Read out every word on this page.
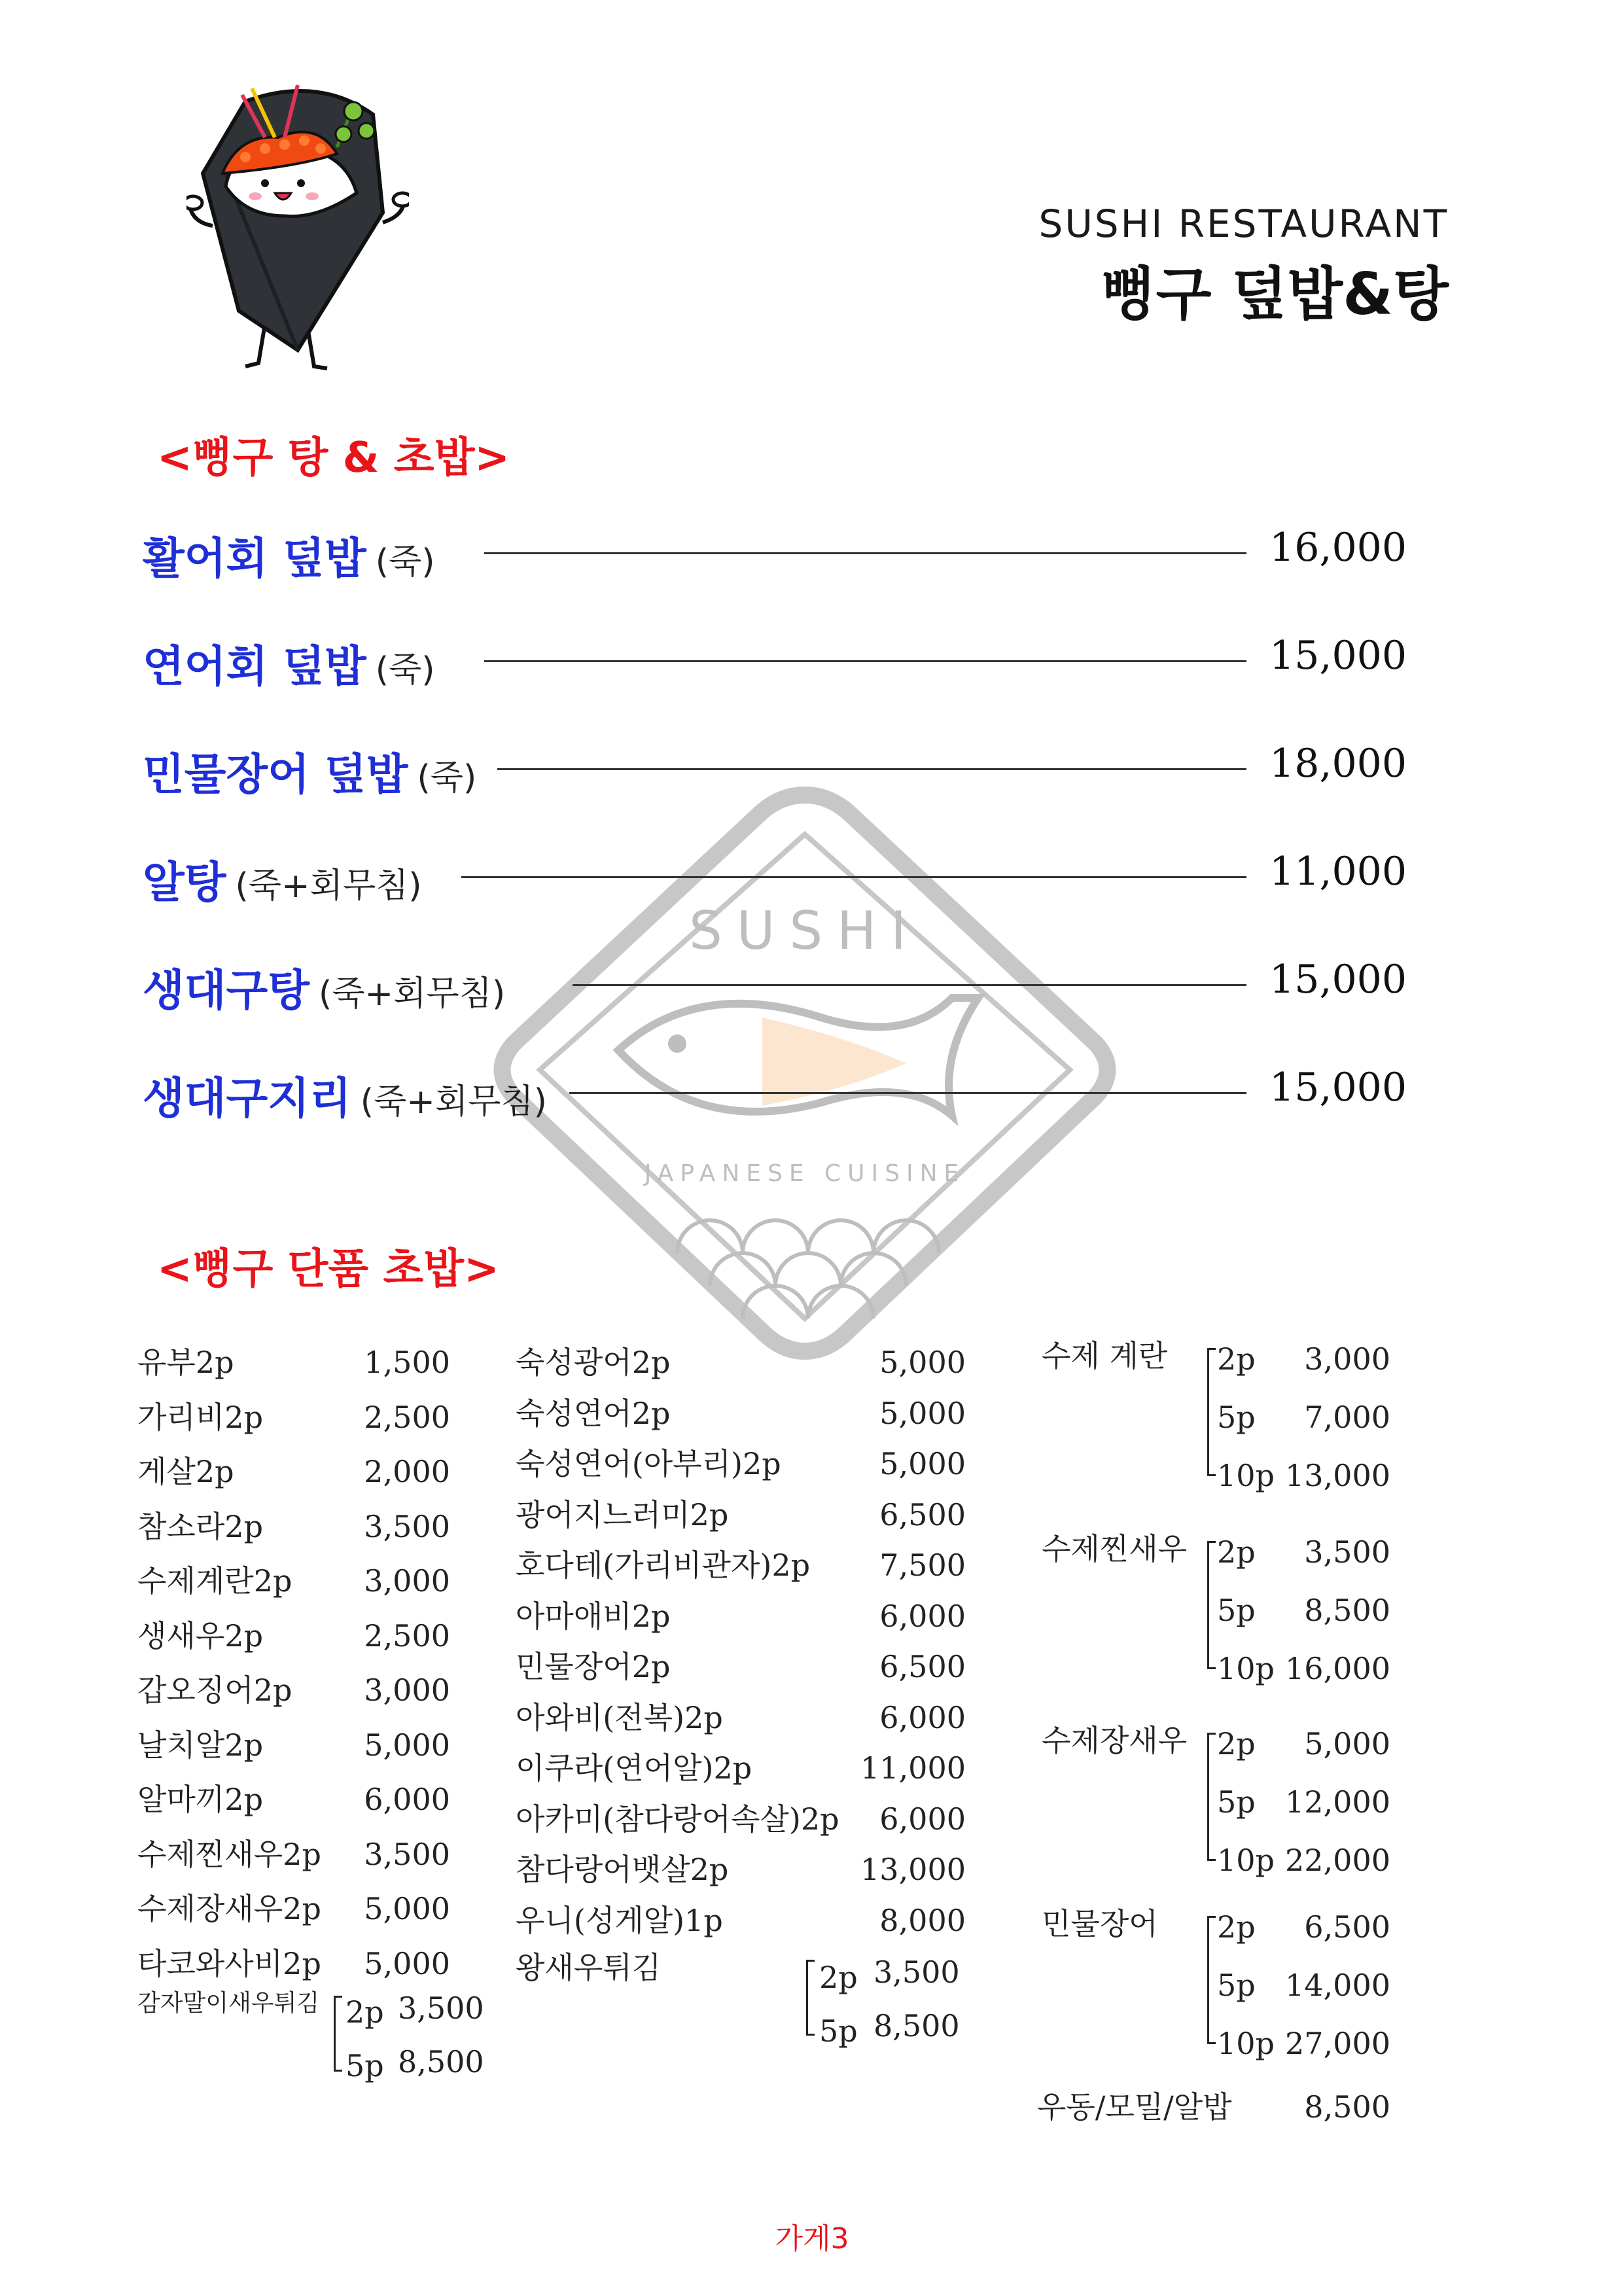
SUSHI RESTAURANT
뻥구 덮밥&탕
SUSHI
JAPANESE CUISINE
<뻥구 탕 & 초밥>
활어회 덮밥 (죽)	16,000
연어회 덮밥 (죽)	15,000
민물장어 덮밥 (죽)	18,000
알탕 (죽+회무침)	11,000
생대구탕 (죽+회무침)	15,000
생대구지리 (죽+회무침)	15,000
<뻥구 단품 초밥>
유부2p	1,500
가리비2p	2,500
게살2p	2,000
참소라2p	3,500
수제계란2p 3,000
생새우2p	2,500
갑오징어2p 3,000
날치알2p	5,000
알마끼2p	6,000
수제찐새우2p 3,500
수제장새우2p 5,000
타코와사비2p 5,000
숙성광어2p	5,000
숙성연어2p	5,000
숙성연어(아부리)2p	5,000
광어지느러미2p	6,500
호다테(가리비관자)2p 7,500
아마애비2p	6,000
민물장어2p	6,500
아와비(전복)2p	6,000
이쿠라(연어알)2p	11,000
아카미(참다랑어속살)2p 6,000
참다랑어뱃살2p	13,000
우니(성게알)1p	8,000
감자말이새우튀김 2p 3,500
5p 8,500
왕새우튀김	2p 3,500
5p 8,500
수제 계란 2p	3,000
5p	7,000
10p 13,000
수제찐새우 2p	3,500
5p	8,500
10p 16,000
수제장새우 2p	5,000
5p 12,000
10p 22,000
민물장어 2p	6,500
5p 14,000
10p 27,000
우동/모밀/알밥 8,500
가게3
